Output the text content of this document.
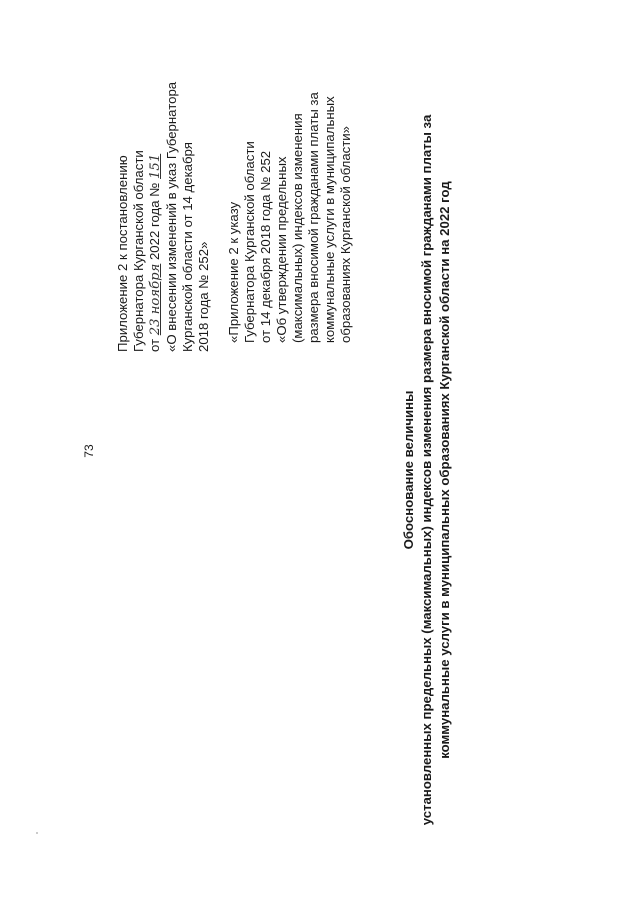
73
Приложение 2 к постановлению Губернатора Курганской области от 23 ноября 2022 года № 151 «О внесении изменений в указ Губернатора Курганской области от 14 декабря 2018 года № 252» «Приложение 2 к указу Губернатора Курганской области от 14 декабря 2018 года № 252 «Об утверждении предельных (максимальных) индексов изменения размера вносимой гражданами платы за коммунальные услуги в муниципальных образованиях Курганской области»
Обоснование величины установленных предельных (максимальных) индексов изменения размера вносимой гражданами платы за коммунальные услуги в муниципальных образованиях Курганской области на 2022 год
